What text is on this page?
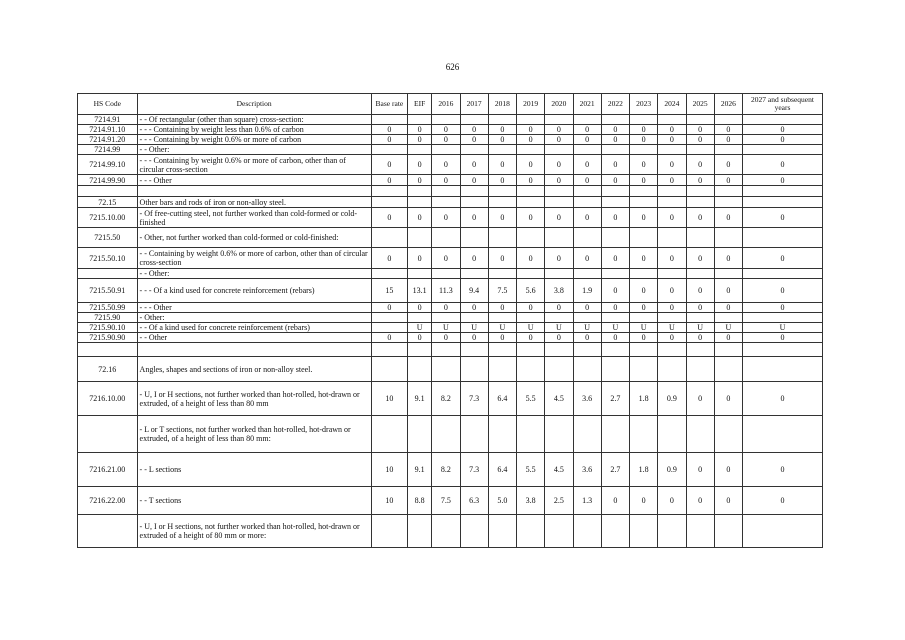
626
HS Code	Description	Base rate	EIF	2016	2017	2018	2019	2020	2021	2022	2023	2024	2025	2026	2027 and subsequent years
7214.91	- - Of rectangular (other than square) cross-section:														
7214.91.10	- - - Containing by weight less than 0.6% of carbon	0	0	0	0	0	0	0	0	0	0	0	0	0	0
7214.91.20	- - - Containing by weight 0.6% or more of carbon	0	0	0	0	0	0	0	0	0	0	0	0	0	0
7214.99	- - Other:														
7214.99.10	- - - Containing by weight 0.6% or more of carbon, other than of circular cross-section	0	0	0	0	0	0	0	0	0	0	0	0	0	0
7214.99.90	- - - Other	0	0	0	0	0	0	0	0	0	0	0	0	0	0

72.15	Other bars and rods of iron or non-alloy steel.														
7215.10.00	- Of free-cutting steel, not further worked than cold-formed or cold-finished	0	0	0	0	0	0	0	0	0	0	0	0	0	0
7215.50	- Other, not further worked than cold-formed or cold-finished:														
7215.50.10	- - Containing by weight 0.6% or more of carbon, other than of circular cross-section	0	0	0	0	0	0	0	0	0	0	0	0	0	0
	- - Other:														
7215.50.91	- - - Of a kind used for concrete reinforcement (rebars)	15	13.1	11.3	9.4	7.5	5.6	3.8	1.9	0	0	0	0	0	0
7215.50.99	- - - Other	0	0	0	0	0	0	0	0	0	0	0	0	0	0
7215.90	- Other:														
7215.90.10	- - Of a kind used for concrete reinforcement (rebars)		U	U	U	U	U	U	U	U	U	U	U	U	U
7215.90.90	- - Other	0	0	0	0	0	0	0	0	0	0	0	0	0	0

72.16	Angles, shapes and sections of iron or non-alloy steel.														
7216.10.00	- U, I or H sections, not further worked than hot-rolled, hot-drawn or extruded, of a height of less than 80 mm	10	9.1	8.2	7.3	6.4	5.5	4.5	3.6	2.7	1.8	0.9	0	0	0
	- L or T sections, not further worked than hot-rolled, hot-drawn or extruded, of a height of less than 80 mm:														
7216.21.00	- - L sections	10	9.1	8.2	7.3	6.4	5.5	4.5	3.6	2.7	1.8	0.9	0	0	0
7216.22.00	- - T sections	10	8.8	7.5	6.3	5.0	3.8	2.5	1.3	0	0	0	0	0	0
	- U, I or H sections, not further worked than hot-rolled, hot-drawn or extruded of a height of 80 mm or more:														
